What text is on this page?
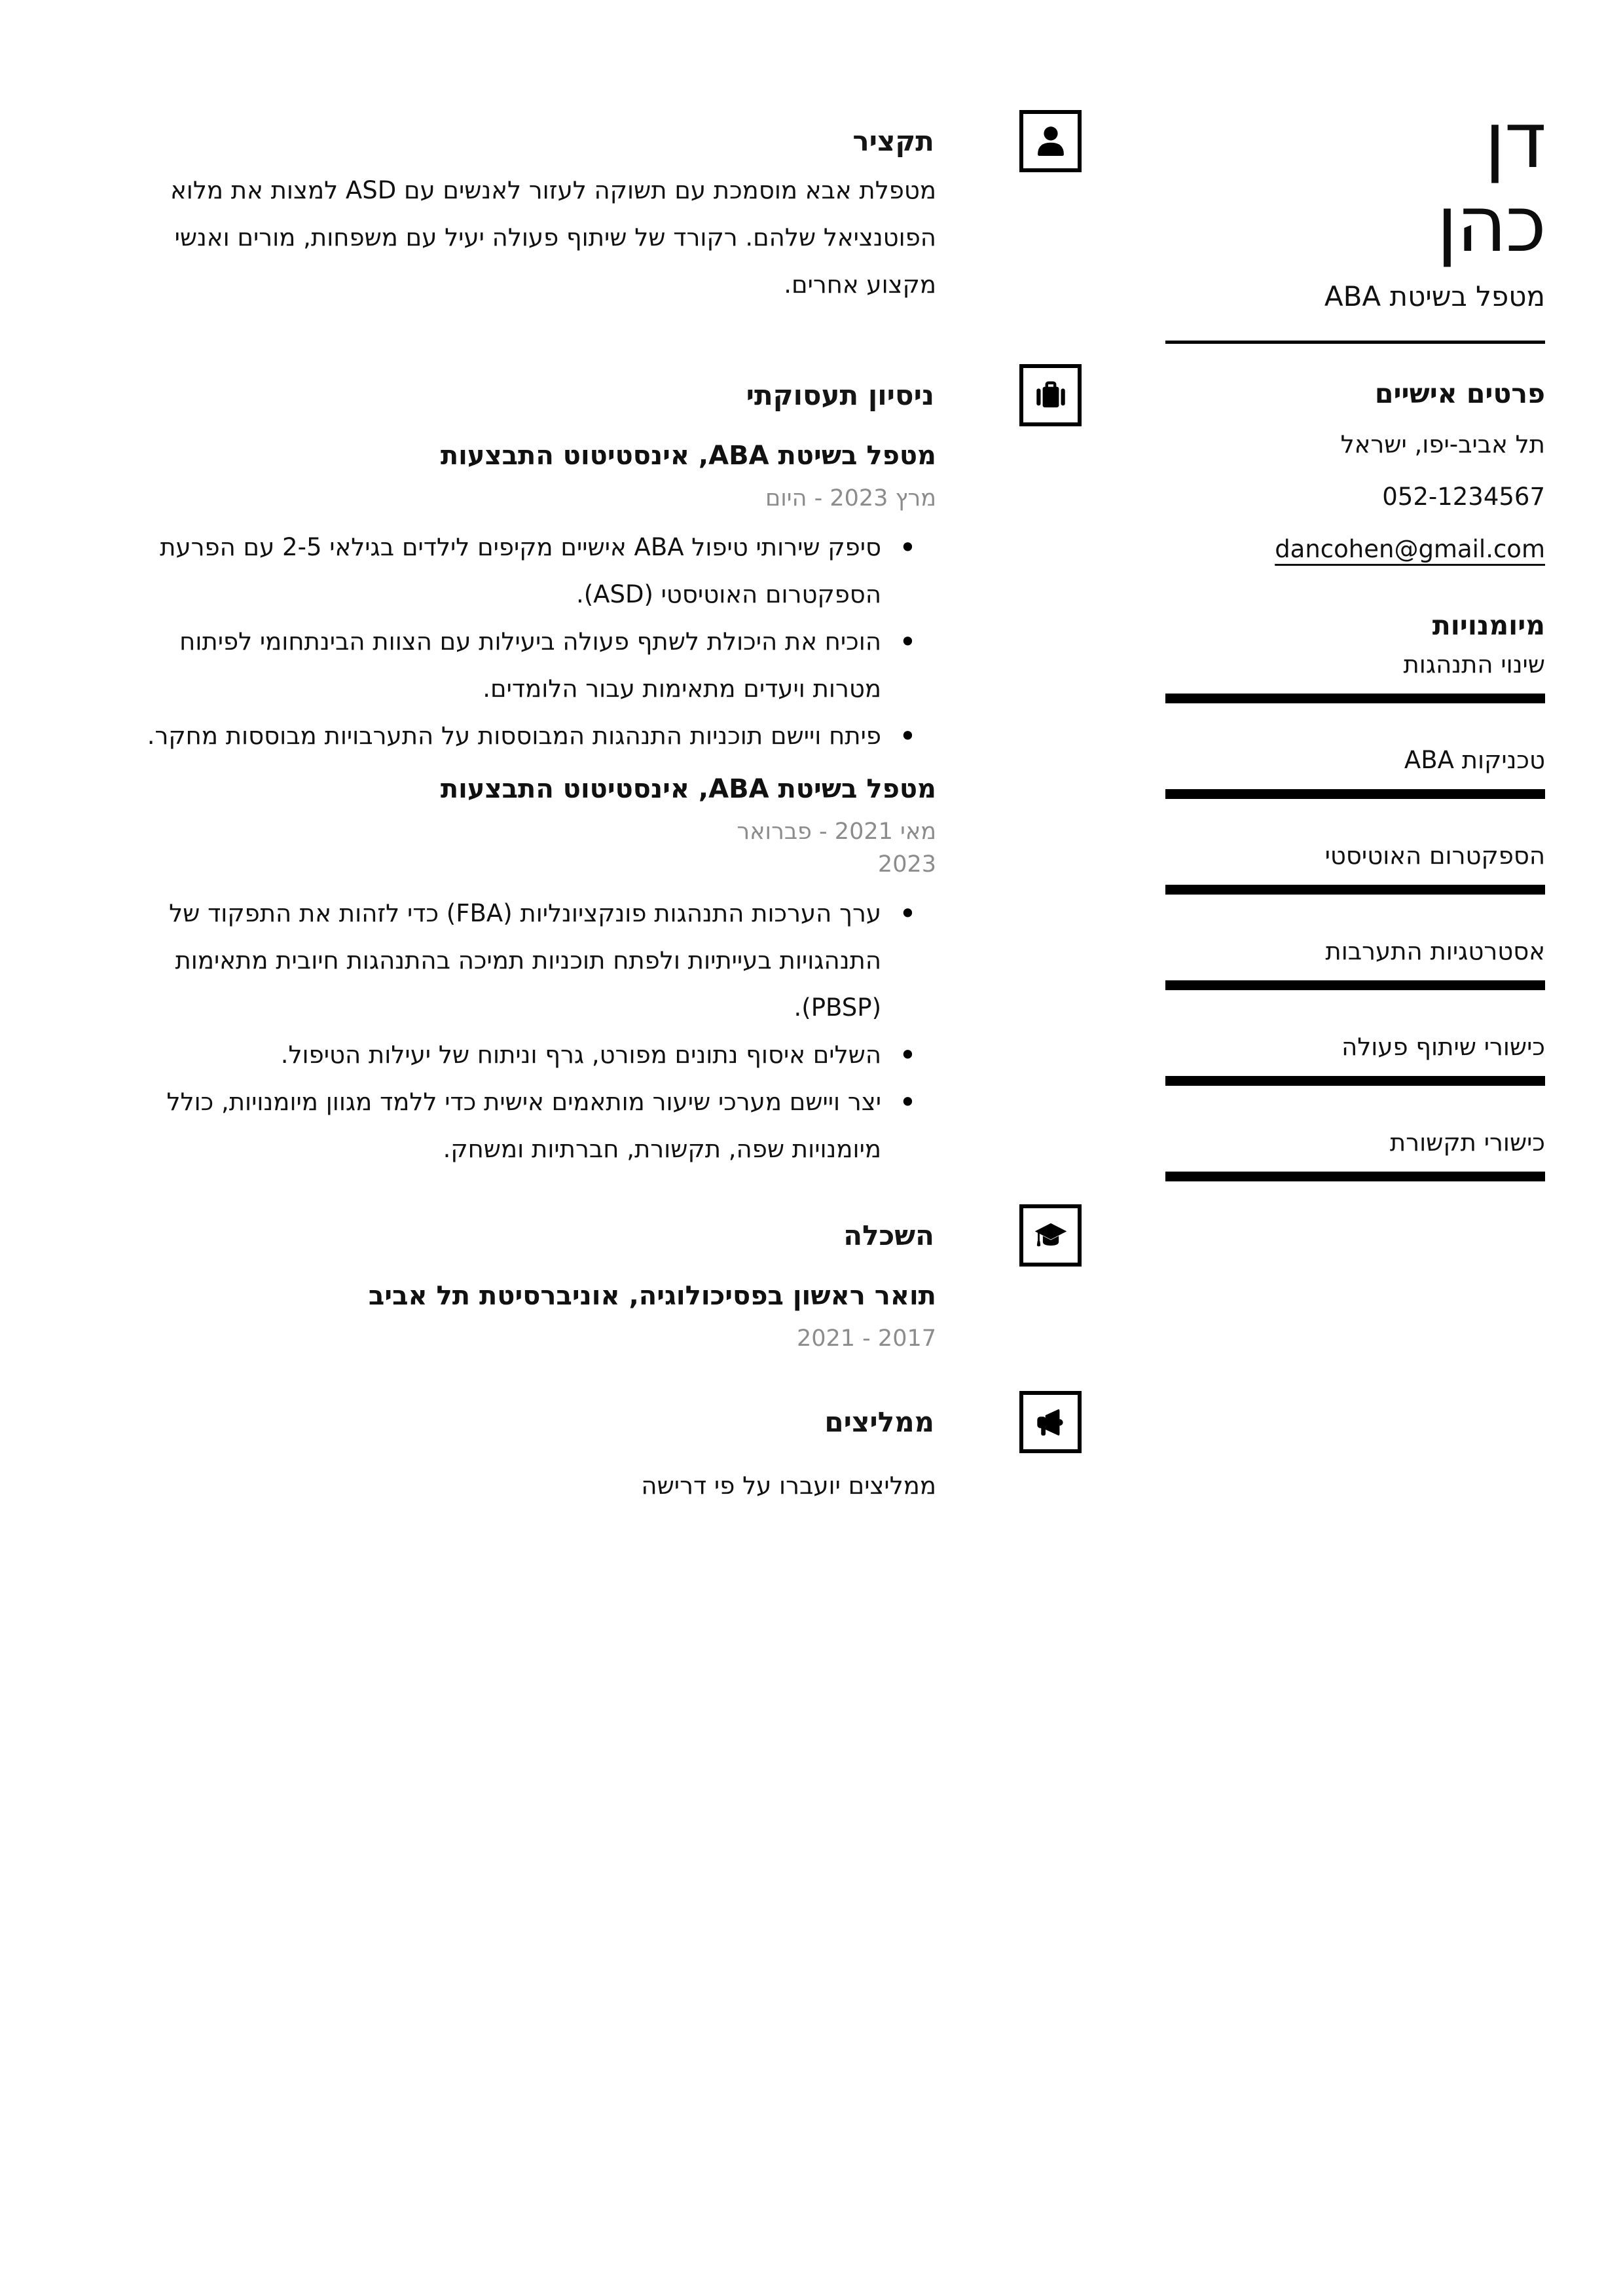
תקציר

מטפלת אבא מוסמכת עם תשוקה לעזור לאנשים עם ASD למצות את מלוא הפוטנציאל שלהם. רקורד של שיתוף פעולה יעיל עם משפחות, מורים ואנשי מקצוע אחרים.

ניסיון תעסוקתי
מטפל בשיטת ABA, אינסטיטוט התבצעות
מרץ 2023 - היום
• סיפק שירותי טיפול ABA אישיים מקיפים לילדים בגילאי 2-5 עם הפרעת הספקטרום האוטיסטי (ASD).
• הוכיח את היכולת לשתף פעולה ביעילות עם הצוות הבינתחומי לפיתוח מטרות ויעדים מתאימות עבור הלומדים.
• פיתח ויישם תוכניות התנהגות המבוססות על התערבויות מבוססות מחקר.
מטפל בשיטת ABA, אינסטיטוט התבצעות
מאי 2021 - פברואר 2023
• ערך הערכות התנהגות פונקציונליות (FBA) כדי לזהות את התפקוד של התנהגויות בעייתיות ולפתח תוכניות תמיכה בהתנהגות חיובית מתאימות (PBSP).
• השלים איסוף נתונים מפורט, גרף וניתוח של יעילות הטיפול.
• יצר ויישם מערכי שיעור מותאמים אישית כדי ללמד מגוון מיומנויות, כולל מיומנויות שפה, תקשורת, חברתיות ומשחק.
השכלה
תואר ראשון בפסיכולוגיה, אוניברסיטת תל אביב
2017 - 2021
ממליצים

ממליצים יועברו על פי דרישה

דן
כהן
מטפל בשיטת ABA
פרטים אישיים
תל אביב-יפו, ישראל
052-1234567
dancohen@gmail.com
מיומנויות
שינוי התנהגות
טכניקות ABA
הספקטרום האוטיסטי
אסטרטגיות התערבות
כישורי שיתוף פעולה
כישורי תקשורת
